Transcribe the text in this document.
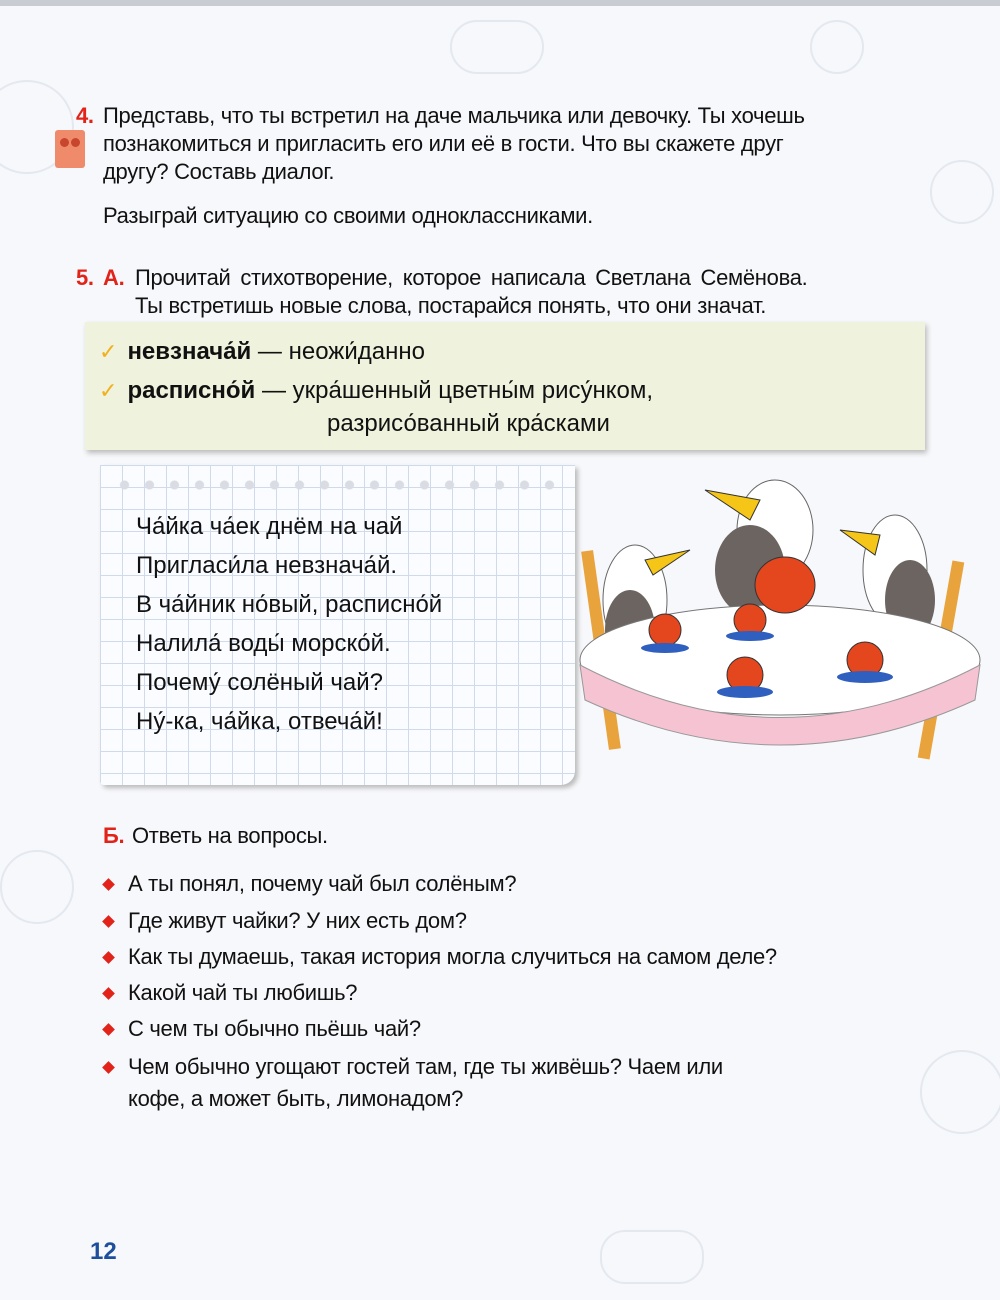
4. Представь, что ты встретил на даче мальчика или девочку. Ты хочешь
познакомиться и пригласить его или её в гости. Что вы скажете друг
другу? Составь диалог.
Разыграй ситуацию со своими одноклассниками.
5. А. Прочитай стихотворение, которое написала Светлана Семёнова.
Ты встретишь новые слова, постарайся понять, что они значат.
✓ невзнача́й — неожи́данно
✓ расписно́й — укра́шенный цветны́м рису́нком,
разрисо́ванный кра́сками
Ча́йка ча́ек днём на чай
Пригласи́ла невзнача́й.
В ча́йник но́вый, расписно́й
Налила́ воды́ морско́й.
Почему́ солёный чай?
Ну́-ка, ча́йка, отвеча́й!
Б. Ответь на вопросы.
А ты понял, почему чай был солёным?
Где живут чайки? У них есть дом?
Как ты думаешь, такая история могла случиться на самом деле?
Какой чай ты любишь?
С чем ты обычно пьёшь чай?
Чем обычно угощают гостей там, где ты живёшь? Чаем или
кофе, а может быть, лимонадом?
12
